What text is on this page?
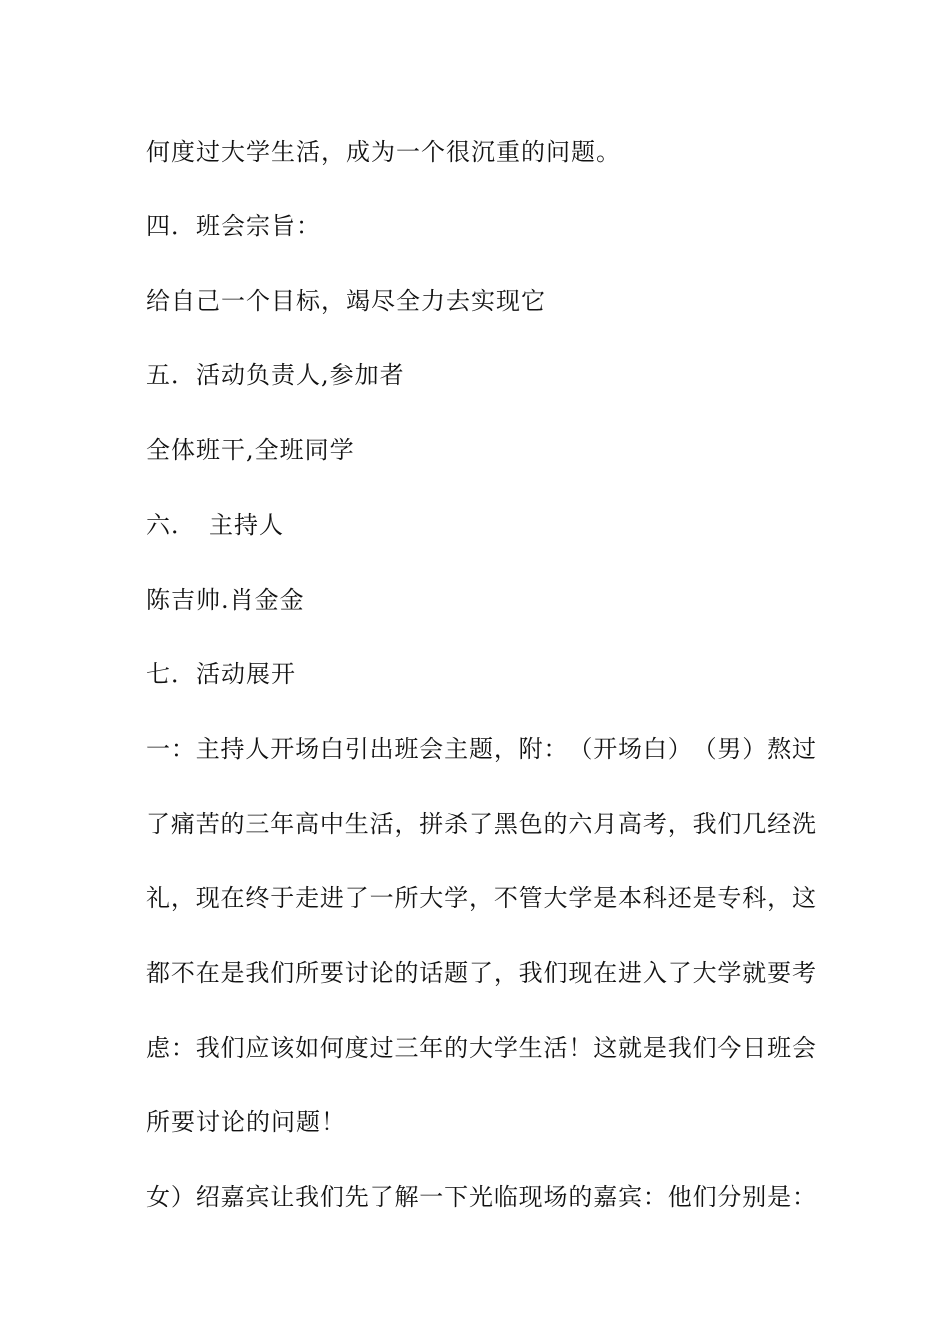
何度过大学生活，成为一个很沉重的问题。
四．班会宗旨：
给自己一个目标，竭尽全力去实现它
五．活动负责人,参加者
全体班干,全班同学
六．　主持人
陈吉帅.肖金金
七．活动展开
一 ： 主 持 人 开 场 白 引 出 班 会 主 题 ， 附 ： （ 开 场 白 ） （ 男 ） 熬 过
了 痛 苦 的 三 年 高 中 生 活 ， 拼 杀 了 黑 色 的 六 月 高 考 ， 我 们 几 经 洗
礼 ， 现 在 终 于 走 进 了 一 所 大 学 ， 不 管 大 学 是 本 科 还 是 专 科 ， 这
都 不 在 是 我 们 所 要 讨 论 的 话 题 了 ， 我 们 现 在 进 入 了 大 学 就 要 考
虑 ： 我 们 应 该 如 何 度 过 三 年 的 大 学 生 活 ！ 这 就 是 我 们 今 日 班 会
所要讨论的问题！
女 ） 绍 嘉 宾 让 我 们 先 了 解 一 下 光 临 现 场 的 嘉 宾 ： 他 们 分 别 是 ：
